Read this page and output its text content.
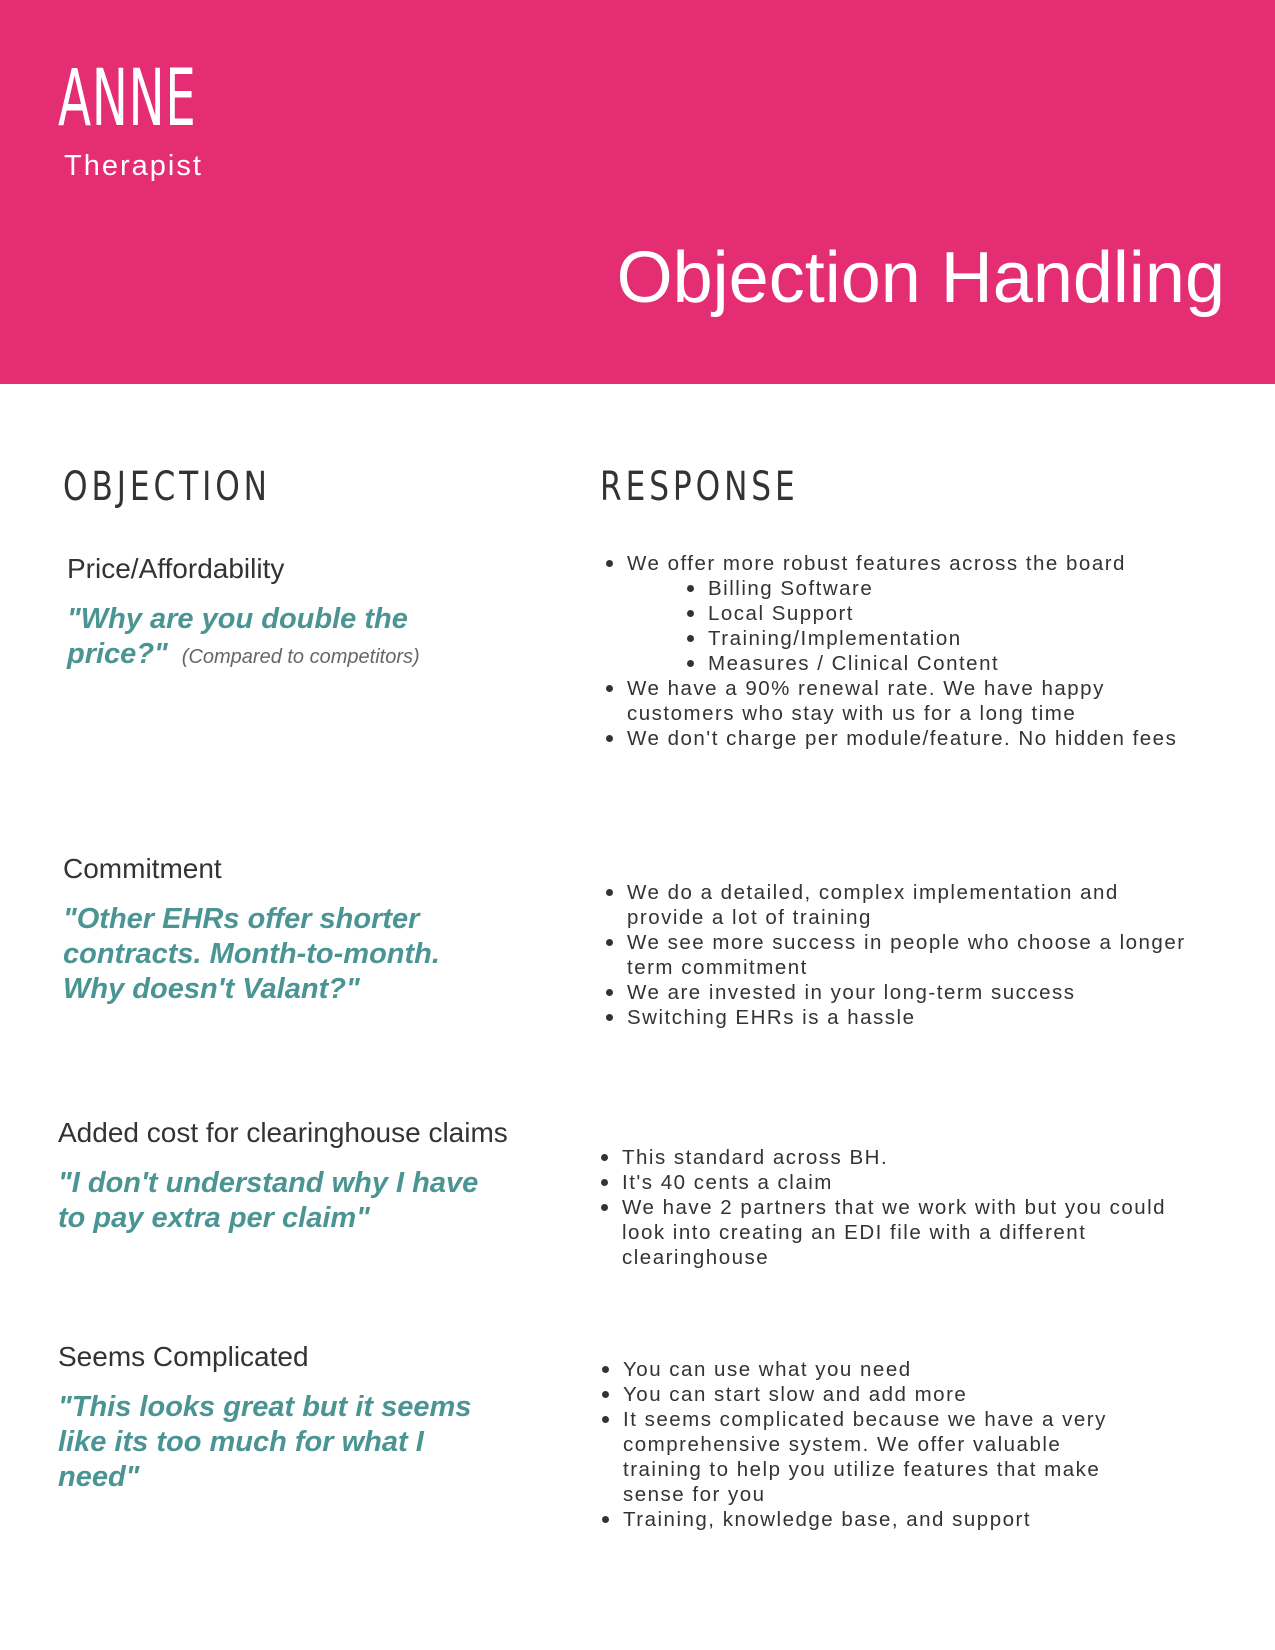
ANNE
Therapist
Objection Handling
OBJECTION	RESPONSE
Price/Affordability
"Why are you double the price?" (Compared to competitors)
We offer more robust features across the board
Billing Software
Local Support
Training/Implementation
Measures / Clinical Content
We have a 90% renewal rate. We have happy customers who stay with us for a long time
We don't charge per module/feature. No hidden fees
Commitment
"Other EHRs offer shorter contracts. Month-to-month. Why doesn't Valant?"
We do a detailed, complex implementation and provide a lot of training
We see more success in people who choose a longer term commitment
We are invested in your long-term success
Switching EHRs is a hassle
Added cost for clearinghouse claims
"I don't understand why I have to pay extra per claim"
This standard across BH.
It's 40 cents a claim
We have 2 partners that we work with but you could look into creating an EDI file with a different clearinghouse
Seems Complicated
"This looks great but it seems like its too much for what I need"
You can use what you need
You can start slow and add more
It seems complicated because we have a very comprehensive system. We offer valuable training to help you utilize features that make sense for you
Training, knowledge base, and support
